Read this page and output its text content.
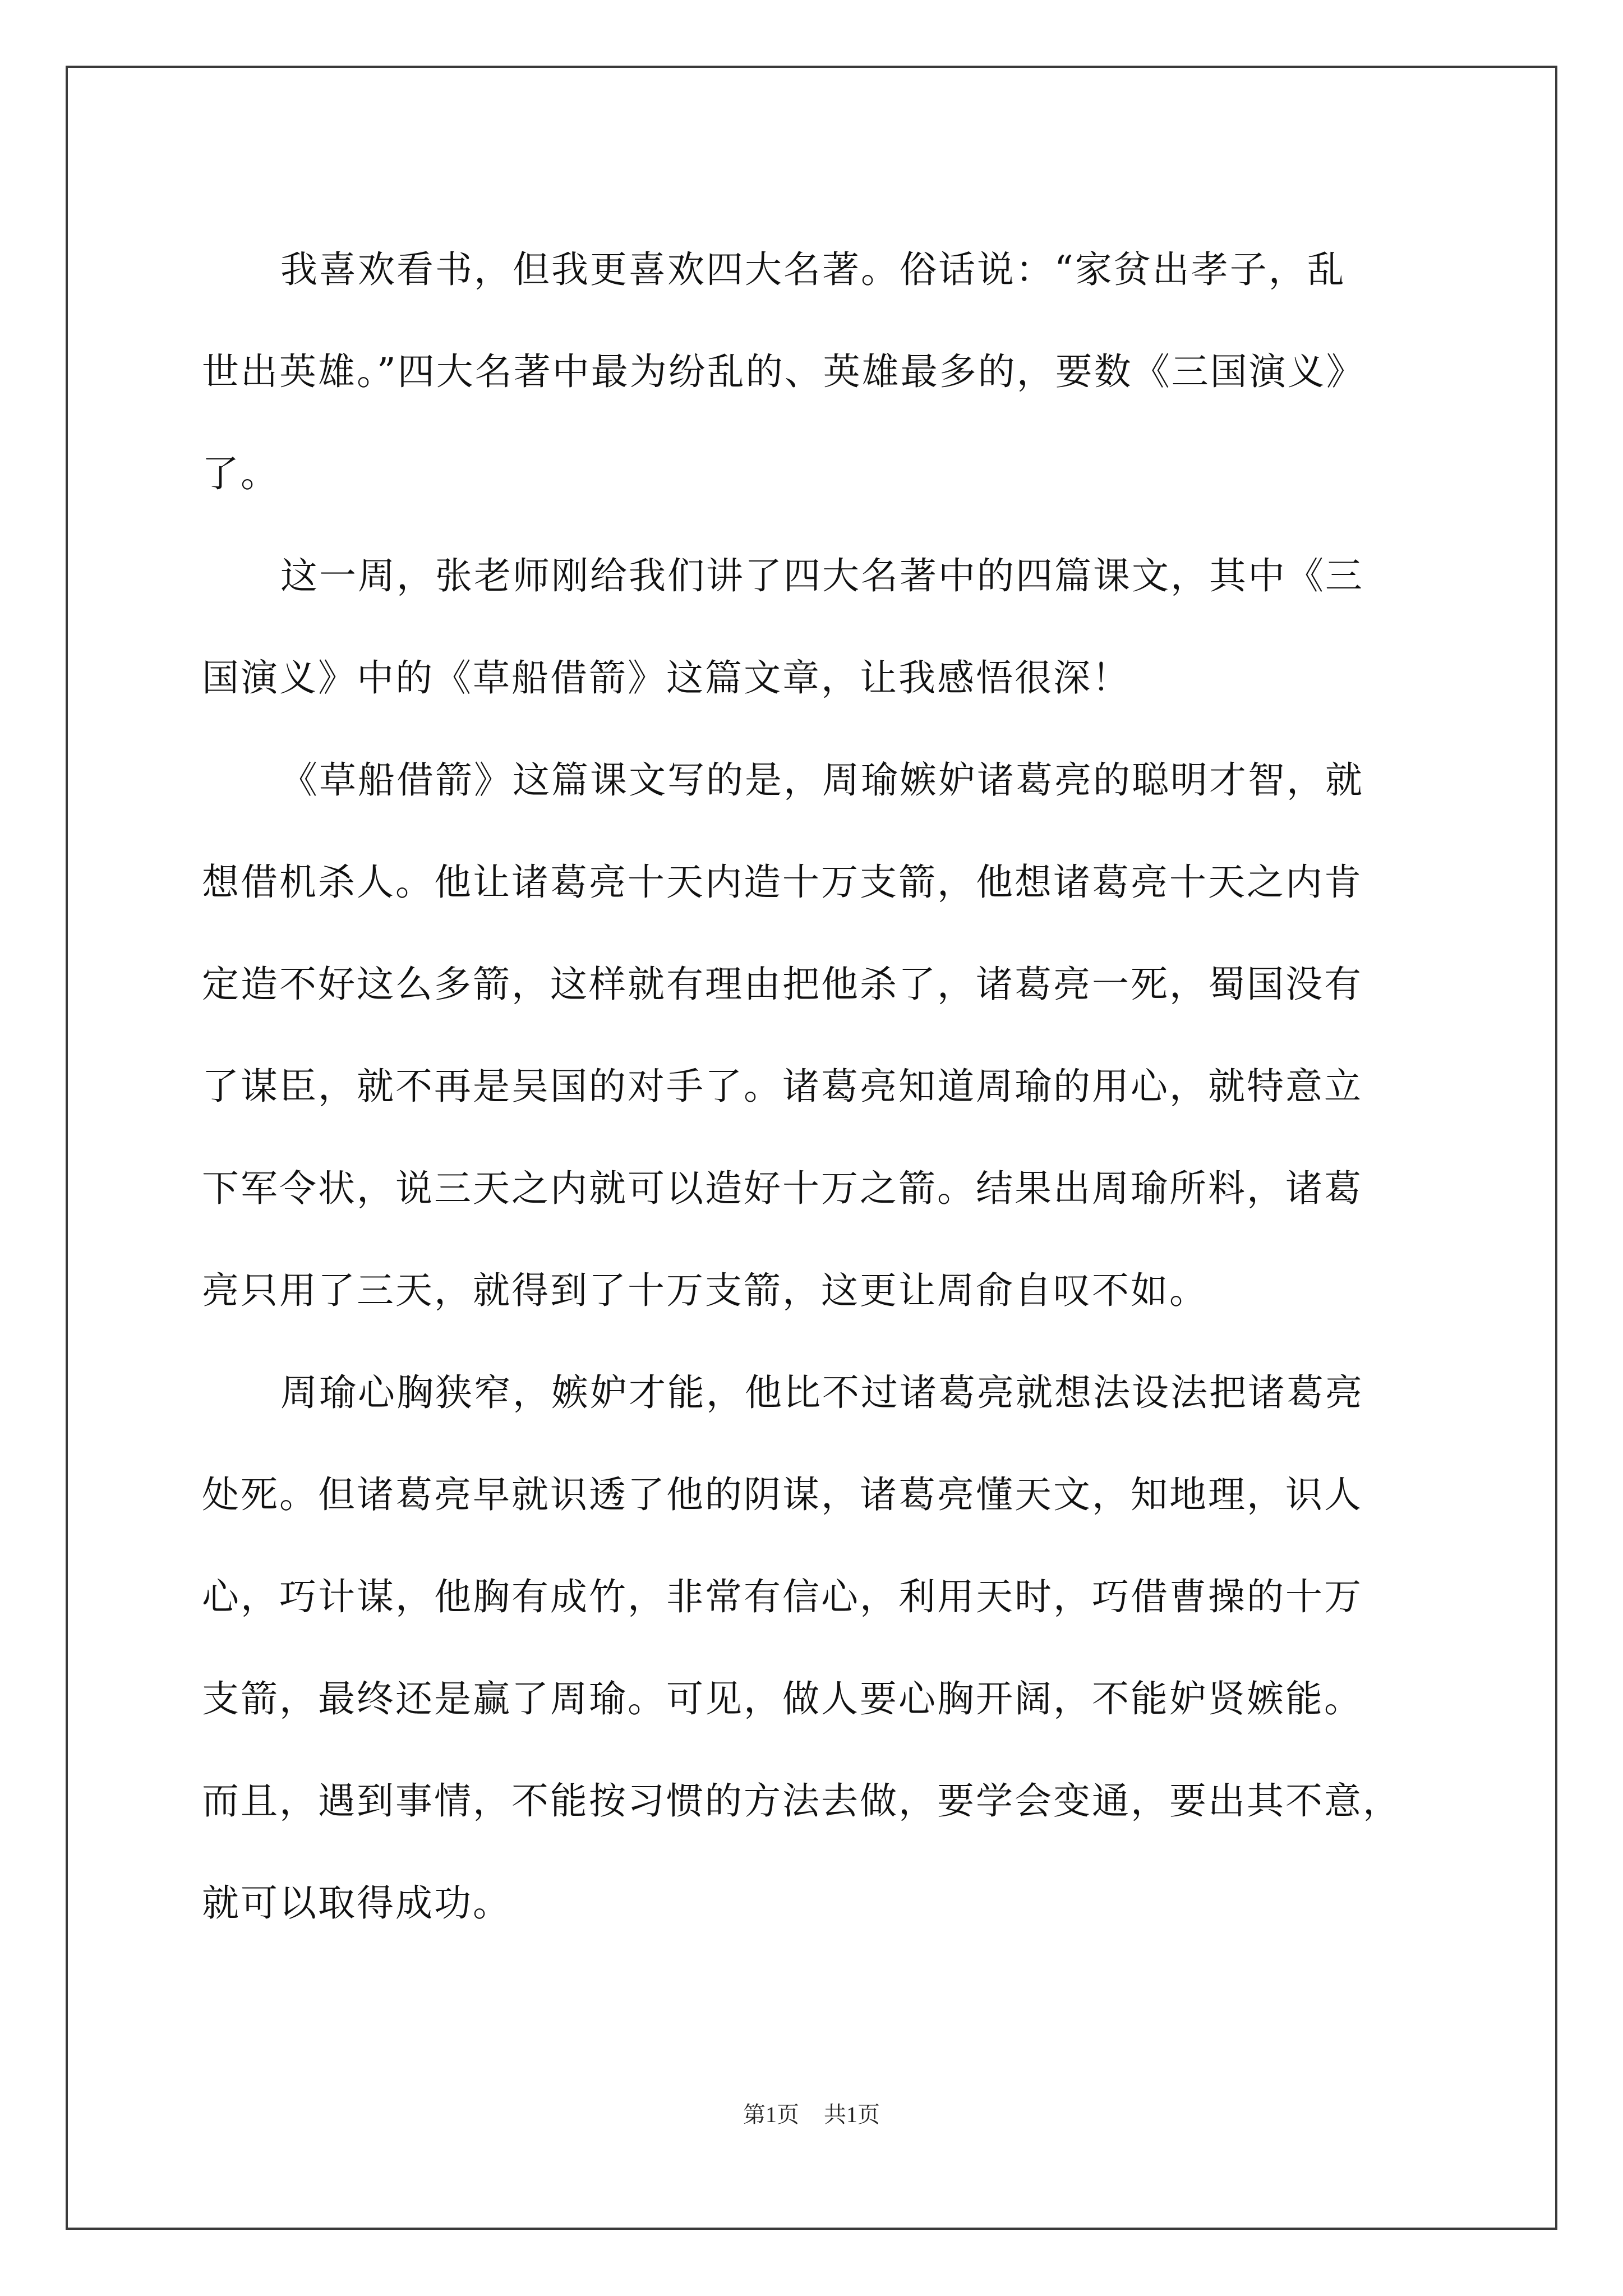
我喜欢看书，但我更喜欢四大名著。俗话说：“家贫出孝子，乱
世出英雄。”四大名著中最为纷乱的、英雄最多的，要数《三国演义》
了。
这一周，张老师刚给我们讲了四大名著中的四篇课文，其中《三
国演义》中的《草船借箭》这篇文章，让我感悟很深！
《草船借箭》这篇课文写的是，周瑜嫉妒诸葛亮的聪明才智，就
想借机杀人。他让诸葛亮十天内造十万支箭，他想诸葛亮十天之内肯
定造不好这么多箭，这样就有理由把他杀了，诸葛亮一死，蜀国没有
了谋臣，就不再是吴国的对手了。诸葛亮知道周瑜的用心，就特意立
下军令状，说三天之内就可以造好十万之箭。结果出周瑜所料，诸葛
亮只用了三天，就得到了十万支箭，这更让周俞自叹不如。
周瑜心胸狭窄，嫉妒才能，他比不过诸葛亮就想法设法把诸葛亮
处死。但诸葛亮早就识透了他的阴谋，诸葛亮懂天文，知地理，识人
心，巧计谋，他胸有成竹，非常有信心，利用天时，巧借曹操的十万
支箭，最终还是赢了周瑜。可见，做人要心胸开阔，不能妒贤嫉能。
而且，遇到事情，不能按习惯的方法去做，要学会变通，要出其不意，
就可以取得成功。
第1页 共1页
